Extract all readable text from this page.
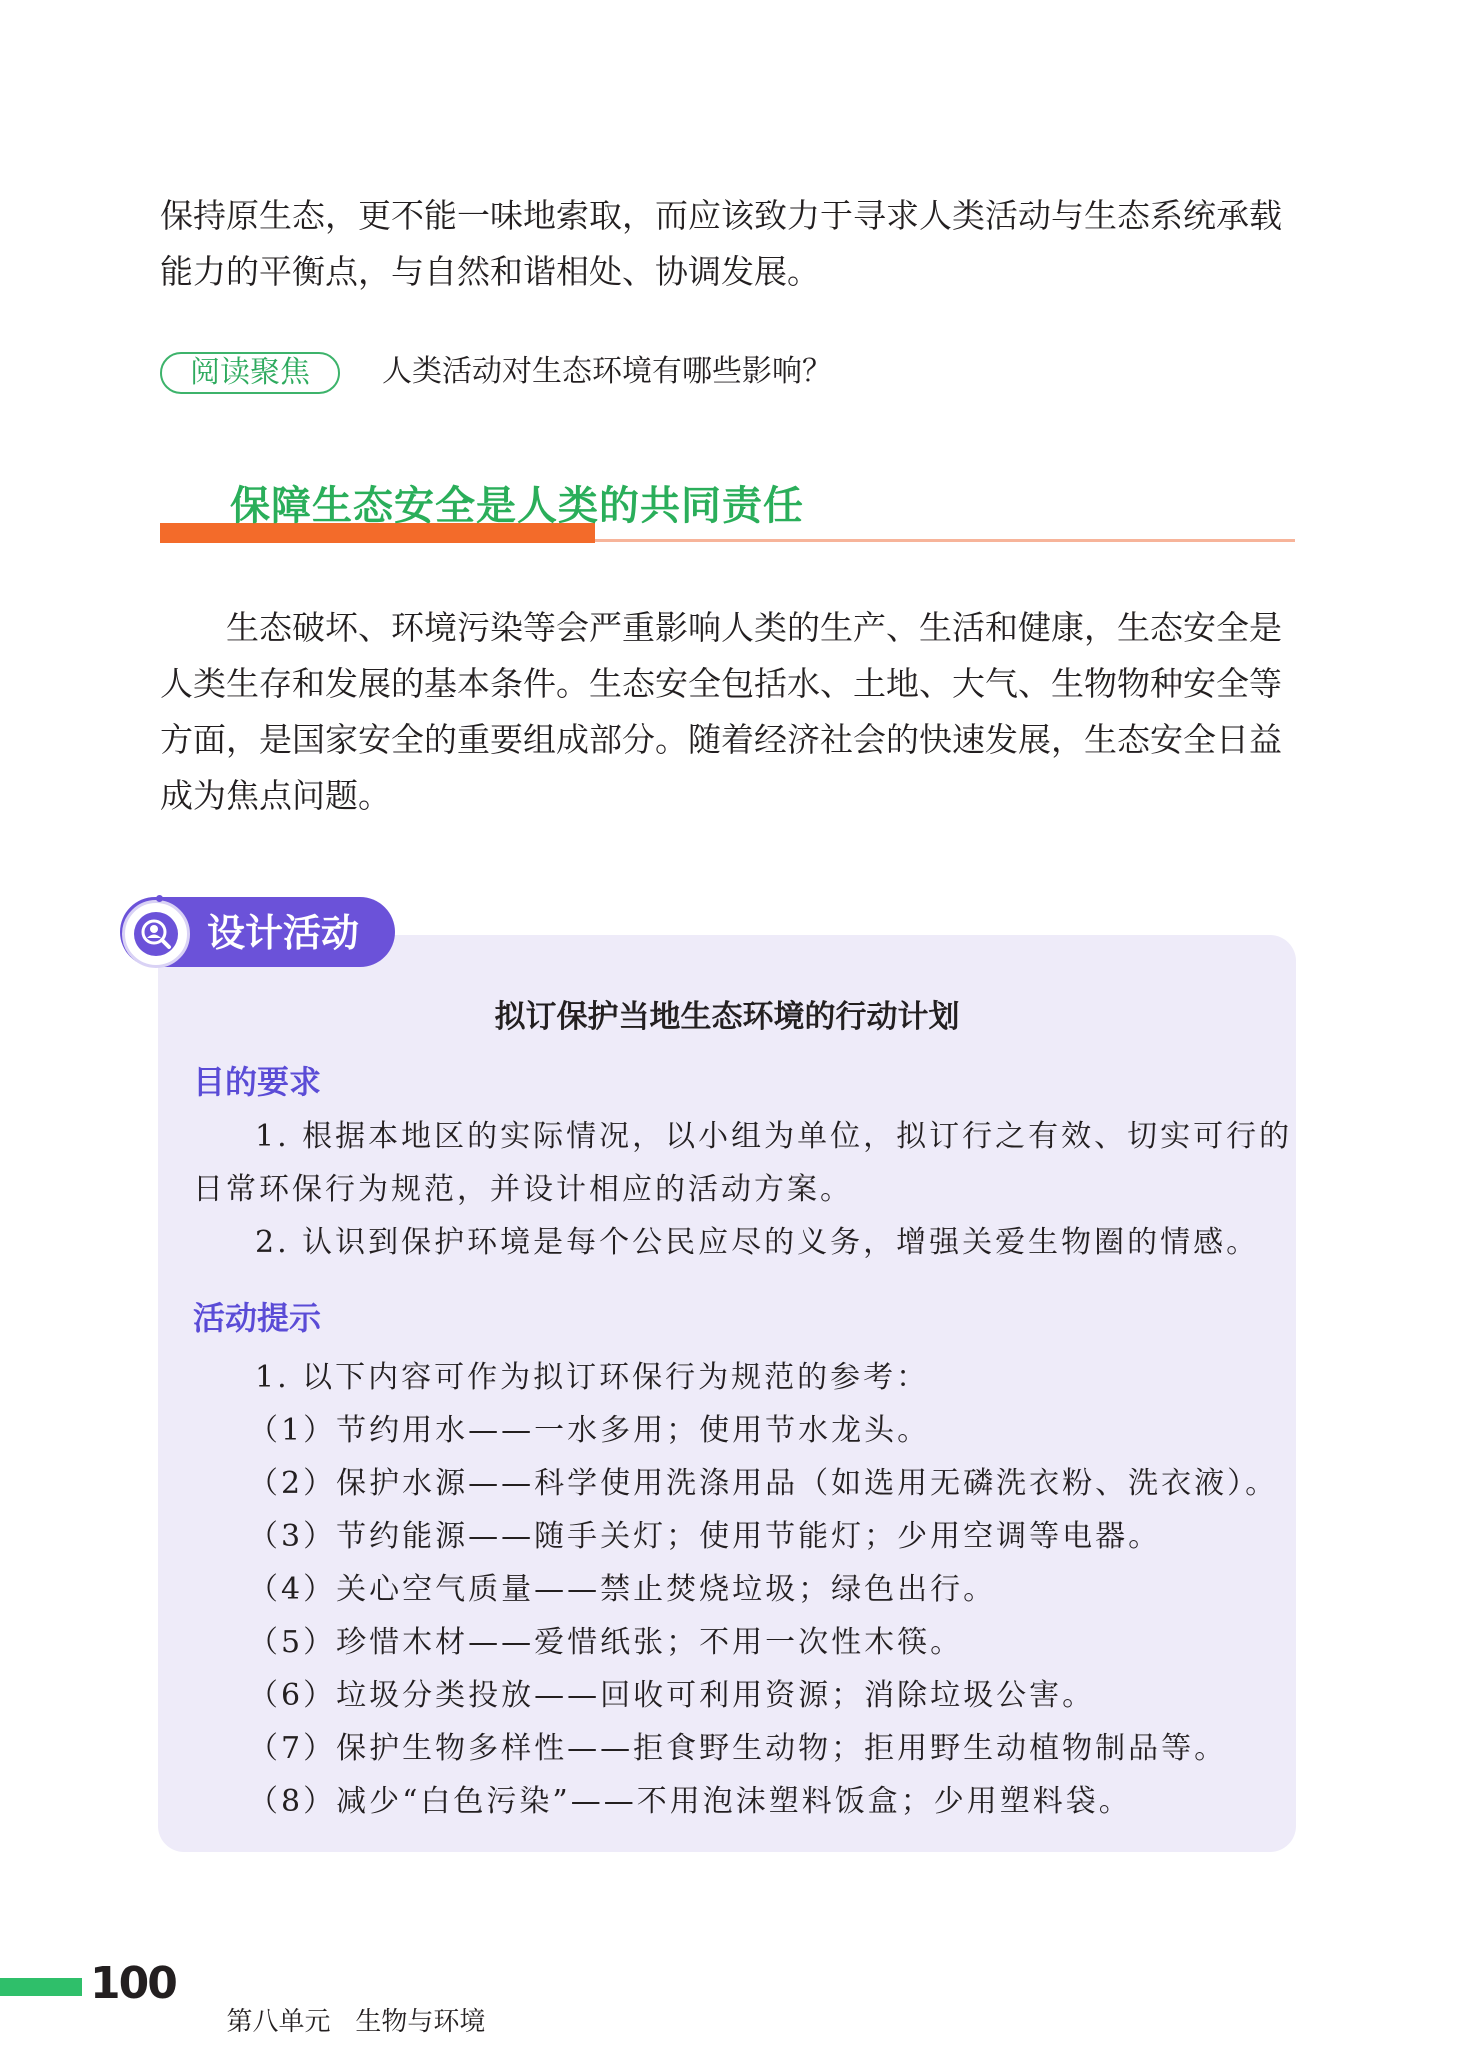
保持原生态，更不能一味地索取，而应该致力于寻求人类活动与生态系统承载能力的平衡点，与自然和谐相处、协调发展。

阅读聚焦	人类活动对生态环境有哪些影响？
保障生态安全是人类的共同责任

生态破坏、环境污染等会严重影响人类的生产、生活和健康，生态安全是人类生存和发展的基本条件。生态安全包括水、土地、大气、生物物种安全等方面，是国家安全的重要组成部分。随着经济社会的快速发展，生态安全日益成为焦点问题。

设计活动
拟订保护当地生态环境的行动计划
目的要求

1. 根据本地区的实际情况，以小组为单位，拟订行之有效、切实可行的

日常环保行为规范，并设计相应的活动方案。

2. 认识到保护环境是每个公民应尽的义务，增强关爱生物圈的情感。

活动提示

1. 以下内容可作为拟订环保行为规范的参考：

（1）节约用水——一水多用；使用节水龙头。

（2）保护水源——科学使用洗涤用品（如选用无磷洗衣粉、洗衣液）。

（3）节约能源——随手关灯；使用节能灯；少用空调等电器。

（4）关心空气质量——禁止焚烧垃圾；绿色出行。

（5）珍惜木材——爱惜纸张；不用一次性木筷。

（6）垃圾分类投放——回收可利用资源；消除垃圾公害。

（7）保护生物多样性——拒食野生动物；拒用野生动植物制品等。

（8）减少“白色污染”——不用泡沫塑料饭盒；少用塑料袋。

100

第八单元 生物与环境
